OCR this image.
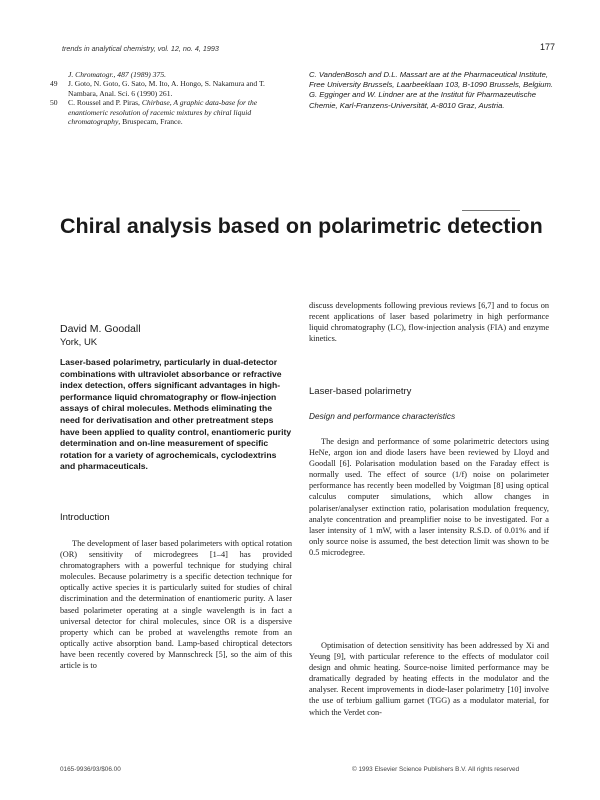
trends in analytical chemistry, vol. 12, no. 4, 1993	177
J. Chromatogr., 487 (1989) 375.
49 J. Goto, N. Goto, G. Sato, M. Ito, A. Hongo, S. Nakamura and T. Nambara, Anal. Sci. 6 (1990) 261.
50 C. Roussel and P. Piras, Chirbase, A graphic data-base for the enantiomeric resolution of racemic mixtures by chiral liquid chromatography, Bruspecam, France.

C. VandenBosch and D.L. Massart are at the Pharmaceutical Institute, Free University Brussels, Laarbeeklaan 103, B-1090 Brussels, Belgium.

G. Egginger and W. Lindner are at the Institut für Pharmazeutische Chemie, Karl-Franzens-Universität, A-8010 Graz, Austria.

Chiral analysis based on polarimetric detection
David M. Goodall
York, UK

Laser-based polarimetry, particularly in dual-detector combinations with ultraviolet absorbance or refractive index detection, offers significant advantages in high-performance liquid chromatography or flow-injection assays of chiral molecules. Methods eliminating the need for derivatisation and other pretreatment steps have been applied to quality control, enantiomeric purity determination and on-line measurement of specific rotation for a variety of agrochemicals, cyclodextrins and pharmaceuticals.

Introduction

The development of laser based polarimeters with optical rotation (OR) sensitivity of microdegrees [1–4] has provided chromatographers with a powerful technique for studying chiral molecules. Because polarimetry is a specific detection technique for optically active species it is particularly suited for studies of chiral discrimination and the determination of enantiomeric purity. A laser based polarimeter operating at a single wavelength is in fact a universal detector for chiral molecules, since OR is a dispersive property which can be probed at wavelengths remote from an optically active absorption band. Lamp-based chiroptical detectors have been recently covered by Mannschreck [5], so the aim of this article is to

discuss developments following previous reviews [6,7] and to focus on recent applications of laser based polarimetry in high performance liquid chromatography (LC), flow-injection analysis (FIA) and enzyme kinetics.

Laser-based polarimetry
Design and performance characteristics

The design and performance of some polarimetric detectors using HeNe, argon ion and diode lasers have been reviewed by Lloyd and Goodall [6]. Polarisation modulation based on the Faraday effect is normally used. The effect of source (1/f) noise on polarimeter performance has recently been modelled by Voigtman [8] using optical calculus computer simulations, which allow changes in polariser/analyser extinction ratio, polarisation modulation frequency, analyte concentration and preamplifier noise to be investigated. For a laser intensity of 1 mW, with a laser intensity R.S.D. of 0.01% and if only source noise is assumed, the best detection limit was shown to be 0.5 microdegree.

Optimisation of detection sensitivity has been addressed by Xi and Yeung [9], with particular reference to the effects of modulator coil design and ohmic heating. Source-noise limited performance may be dramatically degraded by heating effects in the modulator and the analyser. Recent improvements in diode-laser polarimetry [10] involve the use of terbium gallium garnet (TGG) as a modulator material, for which the Verdet con-

0165-9936/93/$06.00	© 1993 Elsevier Science Publishers B.V. All rights reserved
